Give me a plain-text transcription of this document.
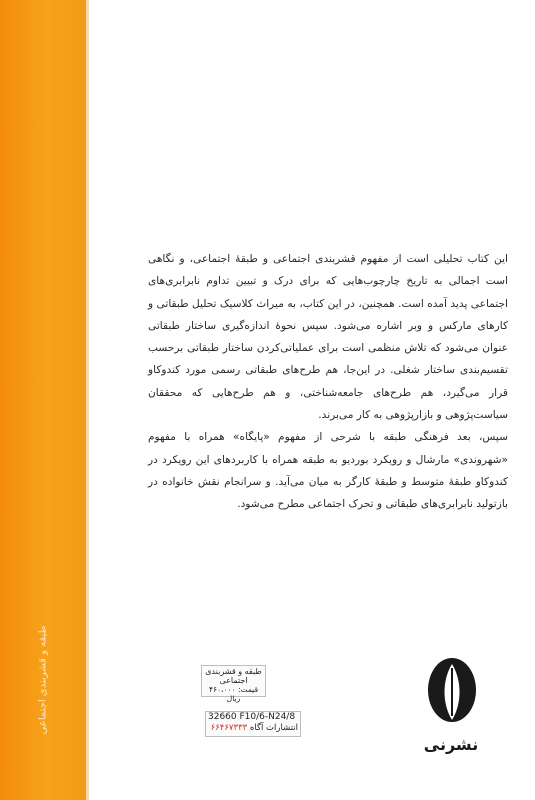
طبقه و قشربندی اجتماعی

این کتاب تحلیلی است از مفهوم قشربندی اجتماعی و طبقهٔ اجتماعی، و نگاهی است اجمالی به تاریخ چارچوب‌هایی که برای درک و تبیین تداوم نابرابری‌های اجتماعی پدید آمده است. همچنین، در این کتاب، به میراث کلاسیک تحلیل طبقاتی و کارهای مارکس و وبر اشاره می‌شود. سپس نحوهٔ اندازه‌گیری ساختار طبقاتی عنوان می‌شود که تلاش منظمی است برای عملیاتی‌کردن ساختار طبقاتی برحسب تقسیم‌بندی ساختار شغلی. در این‌جا، هم طرح‌های طبقاتی رسمی مورد کندوکاو قرار می‌گیرد، هم طرح‌های جامعه‌شناختی، و هم طرح‌هایی که محققان سیاست‌پژوهی و بازارپژوهی به کار می‌برند.

سپس، بعد فرهنگی طبقه با شرحی از مفهوم «پایگاه» همراه با مفهوم «شهروندی» مارشال و رویکرد بوردیو به طبقه همراه با کاربردهای این رویکرد در کندوکاو طبقهٔ متوسط و طبقهٔ کارگر به میان می‌آید. و سرانجام نقش خانواده در بازتولید نابرابری‌های طبقاتی و تحرک اجتماعی مطرح می‌شود.

طبقه و قشربندی اجتماعی
قیمت: ۴۶۰،۰۰۰ ریال
32660 F10/6-N24/8
انتشارات آگاه ۶۶۴۶۷۳۳۳
نشرنی
